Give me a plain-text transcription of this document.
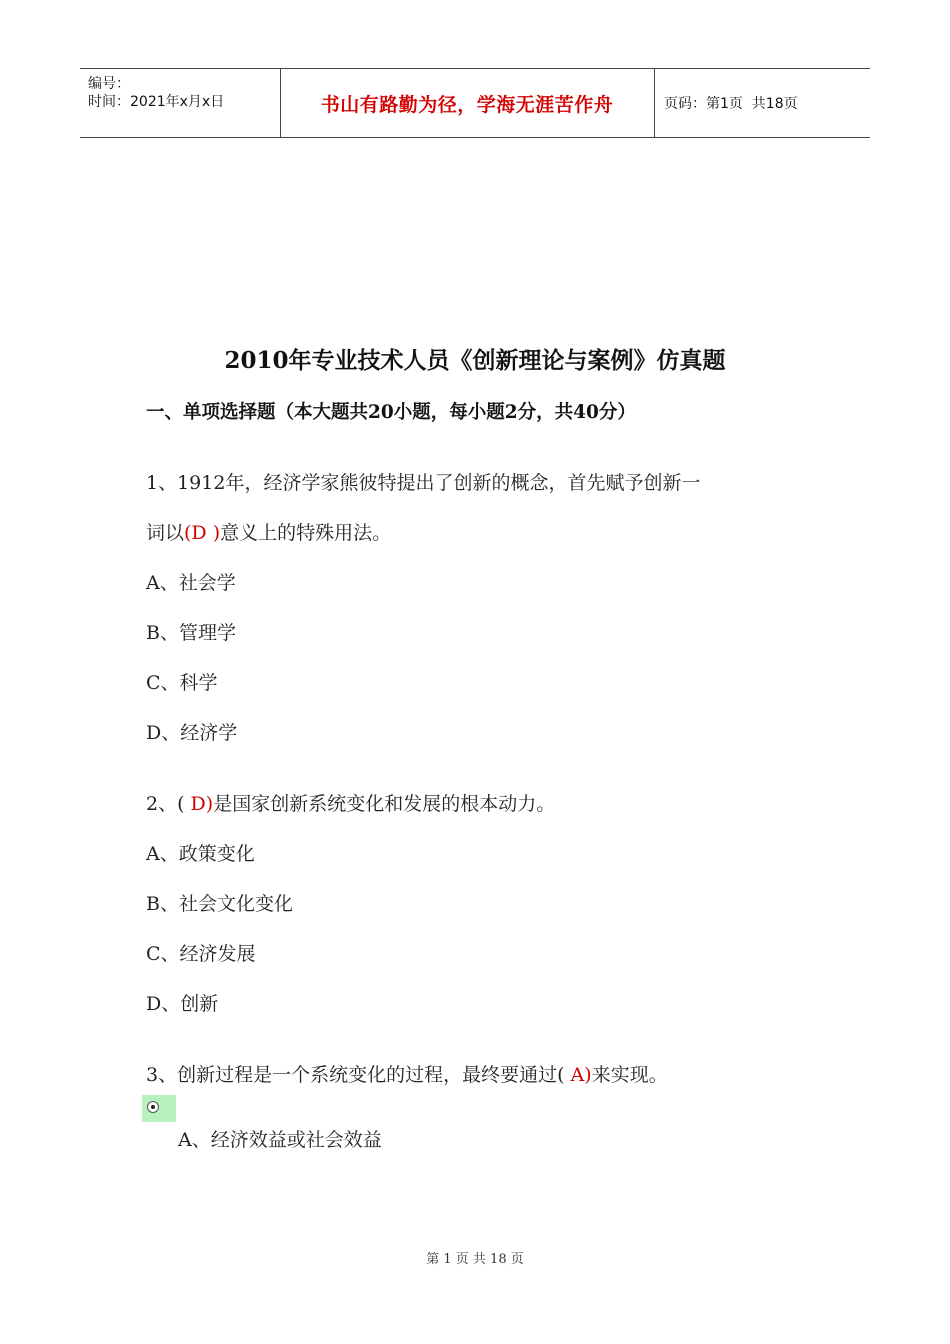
编号：
时间：2021年x月x日	书山有路勤为径，学海无涯苦作舟	页码：第1页  共18页
2010年专业技术人员《创新理论与案例》仿真题
一、单项选择题（本大题共20小题，每小题2分，共40分）
1、1912年，经济学家熊彼特提出了创新的概念，首先赋予创新一
词以(D )意义上的特殊用法。
A、社会学
B、管理学
C、科学
D、经济学
2、( D)是国家创新系统变化和发展的根本动力。
A、政策变化
B、社会文化变化
C、经济发展
D、创新
3、创新过程是一个系统变化的过程，最终要通过( A)来实现。
A、经济效益或社会效益
第 1 页 共 18 页
